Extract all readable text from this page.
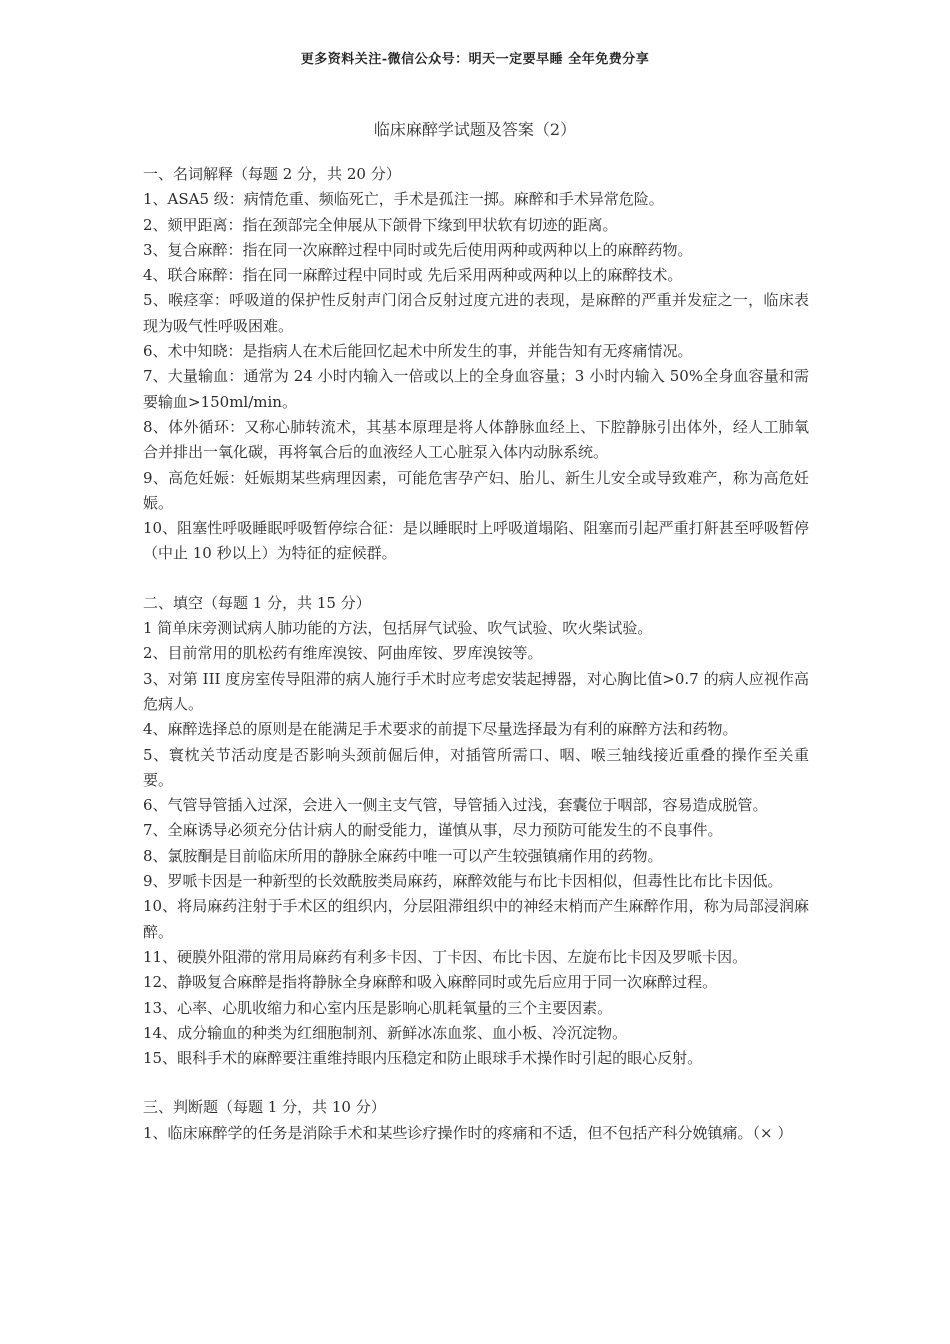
更多资料关注-微信公众号：明天一定要早睡 全年免费分享
临床麻醉学试题及答案（2）

一、名词解释（每题 2 分，共 20 分）

1、ASA5 级：病情危重、频临死亡，手术是孤注一掷。麻醉和手术异常危险。

2、颏甲距离：指在颈部完全伸展从下颌骨下缘到甲状软有切迹的距离。

3、复合麻醉：指在同一次麻醉过程中同时或先后使用两种或两种以上的麻醉药物。

4、联合麻醉：指在同一麻醉过程中同时或 先后采用两种或两种以上的麻醉技术。

5、喉痉挛：呼吸道的保护性反射声门闭合反射过度亢进的表现，是麻醉的严重并发症之一，临床表现为吸气性呼吸困难。

6、术中知晓：是指病人在术后能回忆起术中所发生的事，并能告知有无疼痛情况。

7、大量输血：通常为 24 小时内输入一倍或以上的全身血容量；3 小时内输入 50%全身血容量和需要输血>150ml/min。

8、体外循环：又称心肺转流术，其基本原理是将人体静脉血经上、下腔静脉引出体外，经人工肺氧合并排出一氧化碳，再将氧合后的血液经人工心脏泵入体内动脉系统。

9、高危妊娠：妊娠期某些病理因素，可能危害孕产妇、胎儿、新生儿安全或导致难产，称为高危妊娠。

10、阻塞性呼吸睡眠呼吸暂停综合征：是以睡眠时上呼吸道塌陷、阻塞而引起严重打鼾甚至呼吸暂停（中止 10 秒以上）为特征的症候群。

二、填空（每题 1 分，共 15 分）

1 简单床旁测试病人肺功能的方法，包括屏气试验、吹气试验、吹火柴试验。

2、目前常用的肌松药有维库溴铵、阿曲库铵、罗库溴铵等。

3、对第 III 度房室传导阻滞的病人施行手术时应考虑安装起搏器，对心胸比值>0.7 的病人应视作高危病人。

4、麻醉选择总的原则是在能满足手术要求的前提下尽量选择最为有利的麻醉方法和药物。

5、寰枕关节活动度是否影响头颈前倔后伸，对插管所需口、咽、喉三轴线接近重叠的操作至关重要。

6、气管导管插入过深，会进入一侧主支气管，导管插入过浅，套囊位于咽部，容易造成脱管。

7、全麻诱导必须充分估计病人的耐受能力，谨慎从事，尽力预防可能发生的不良事件。

8、氯胺酮是目前临床所用的静脉全麻药中唯一可以产生较强镇痛作用的药物。

9、罗哌卡因是一种新型的长效酰胺类局麻药，麻醉效能与布比卡因相似，但毒性比布比卡因低。

10、将局麻药注射于手术区的组织内，分层阻滞组织中的神经末梢而产生麻醉作用，称为局部浸润麻醉。

11、硬膜外阻滞的常用局麻药有利多卡因、丁卡因、布比卡因、左旋布比卡因及罗哌卡因。

12、静吸复合麻醉是指将静脉全身麻醉和吸入麻醉同时或先后应用于同一次麻醉过程。

13、心率、心肌收缩力和心室内压是影响心肌耗氧量的三个主要因素。

14、成分输血的种类为红细胞制剂、新鲜冰冻血浆、血小板、冷沉淀物。

15、眼科手术的麻醉要注重维持眼内压稳定和防止眼球手术操作时引起的眼心反射。

三、判断题（每题 1 分，共 10 分）

1、临床麻醉学的任务是消除手术和某些诊疗操作时的疼痛和不适，但不包括产科分娩镇痛。（× ）
